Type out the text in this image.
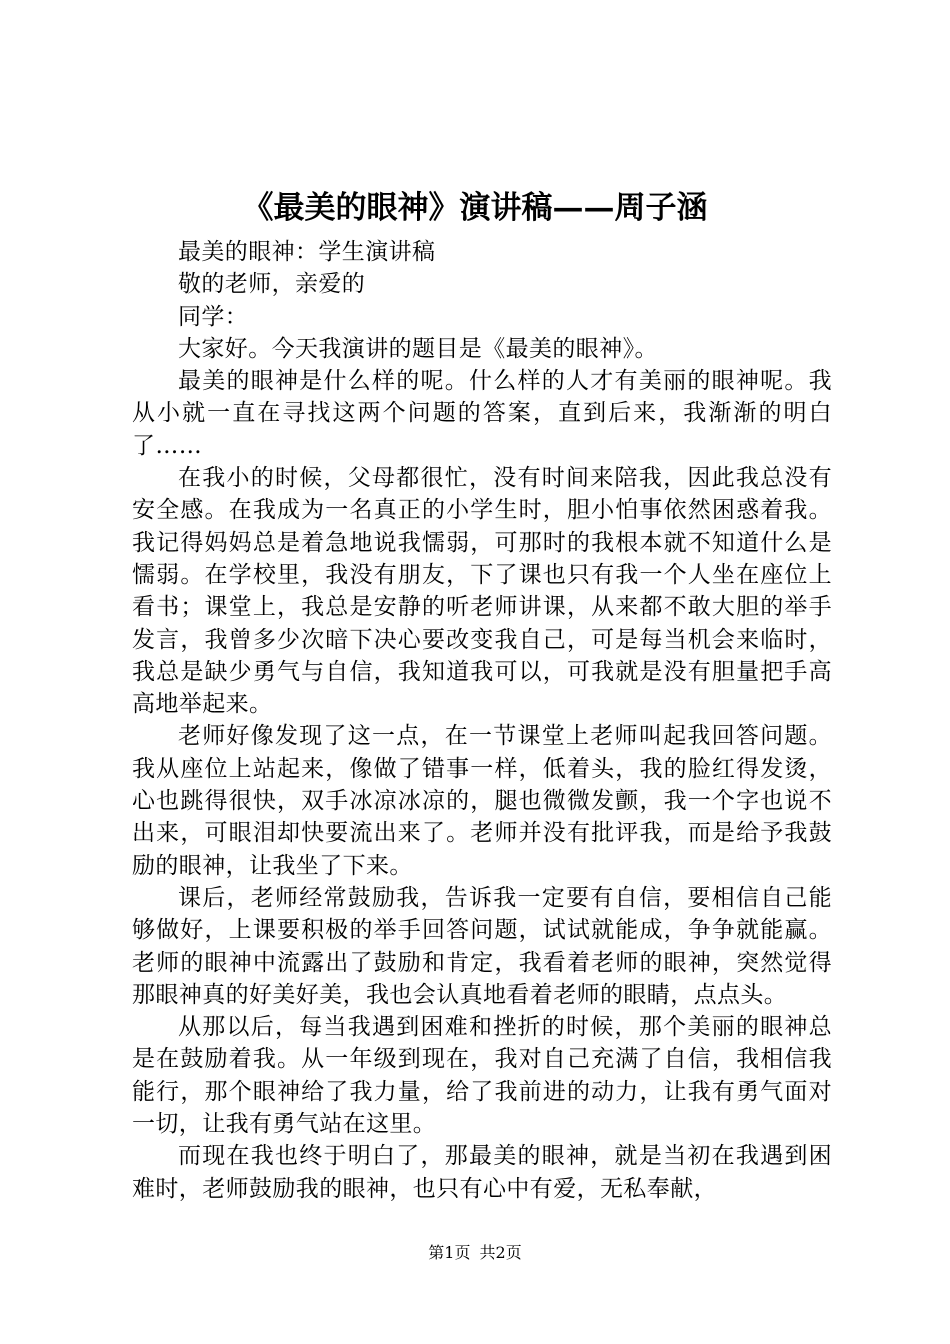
《最美的眼神》演讲稿——周子涵

最美的眼神：学生演讲稿

敬的老师，亲爱的

同学：

大家好。今天我演讲的题目是《最美的眼神》。

最美的眼神是什么样的呢。什么样的人才有美丽的眼神呢。我从小就一直在寻找这两个问题的答案，直到后来，我渐渐的明白了……

在我小的时候，父母都很忙，没有时间来陪我，因此我总没有安全感。在我成为一名真正的小学生时，胆小怕事依然困惑着我。我记得妈妈总是着急地说我懦弱，可那时的我根本就不知道什么是懦弱。在学校里，我没有朋友，下了课也只有我一个人坐在座位上看书；课堂上，我总是安静的听老师讲课，从来都不敢大胆的举手发言，我曾多少次暗下决心要改变我自己，可是每当机会来临时，我总是缺少勇气与自信，我知道我可以，可我就是没有胆量把手高高地举起来。

老师好像发现了这一点，在一节课堂上老师叫起我回答问题。我从座位上站起来，像做了错事一样，低着头，我的脸红得发烫，心也跳得很快，双手冰凉冰凉的，腿也微微发颤，我一个字也说不出来，可眼泪却快要流出来了。老师并没有批评我，而是给予我鼓励的眼神，让我坐了下来。

课后，老师经常鼓励我，告诉我一定要有自信，要相信自己能够做好，上课要积极的举手回答问题，试试就能成，争争就能赢。老师的眼神中流露出了鼓励和肯定，我看着老师的眼神，突然觉得那眼神真的好美好美，我也会认真地看着老师的眼睛，点点头。

从那以后，每当我遇到困难和挫折的时候，那个美丽的眼神总是在鼓励着我。从一年级到现在，我对自己充满了自信，我相信我能行，那个眼神给了我力量，给了我前进的动力，让我有勇气面对一切，让我有勇气站在这里。

而现在我也终于明白了，那最美的眼神，就是当初在我遇到困难时，老师鼓励我的眼神，也只有心中有爱，无私奉献，

第1页 共2页
